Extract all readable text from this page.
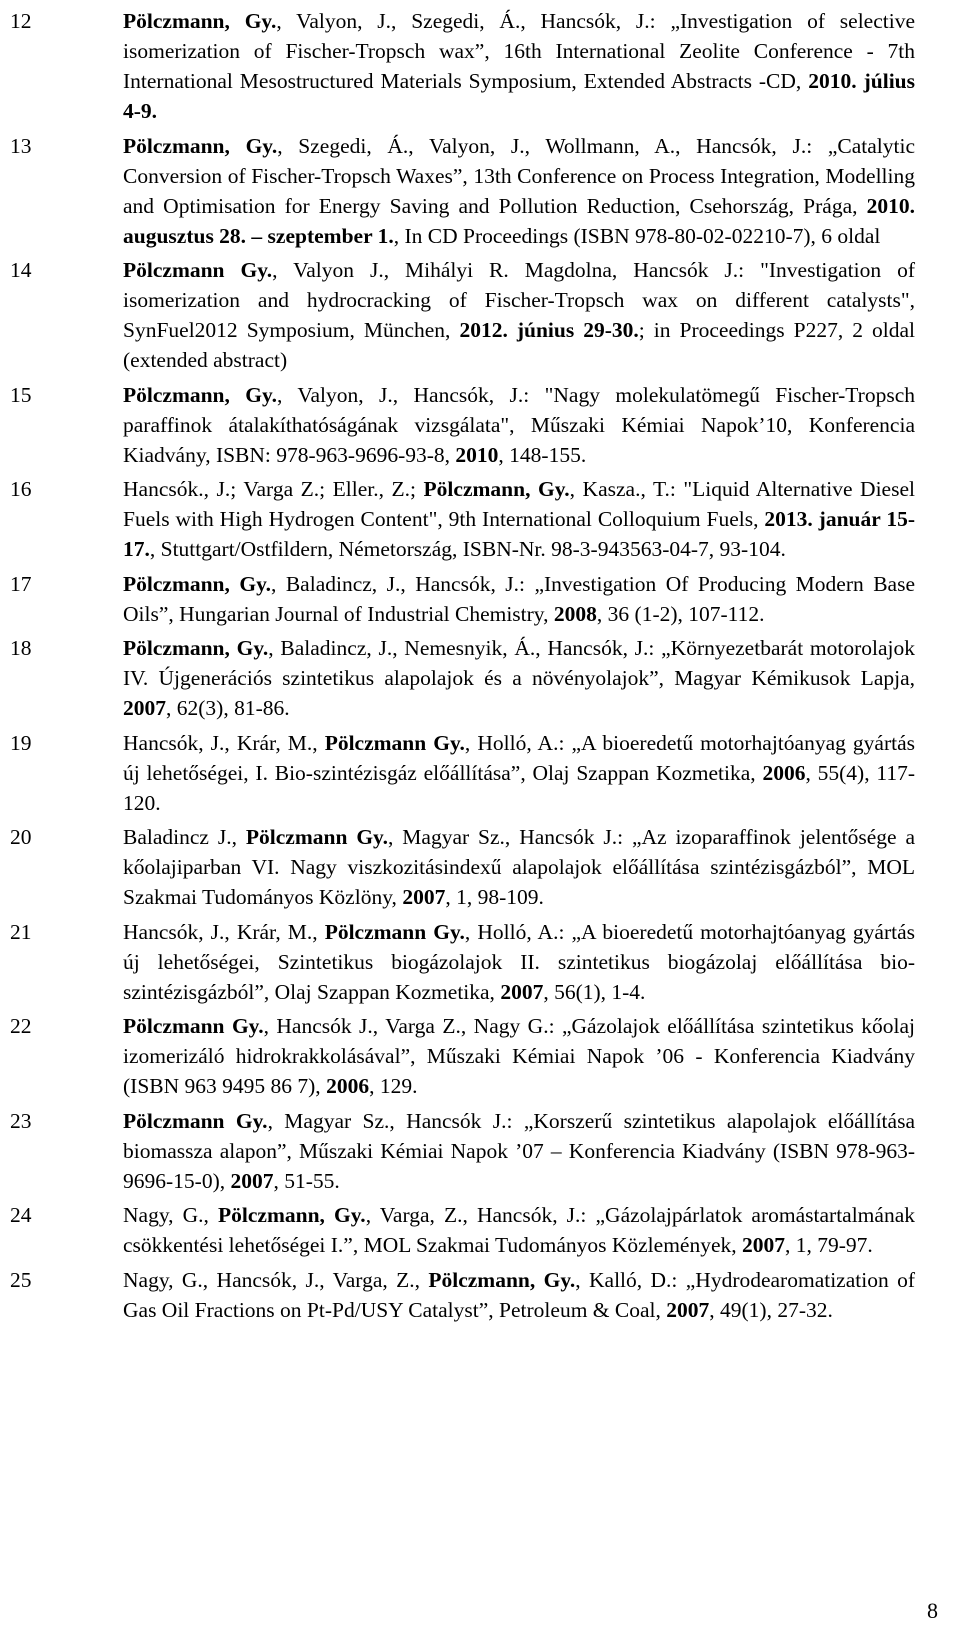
12	Pölczmann, Gy., Valyon, J., Szegedi, Á., Hancsók, J.: „Investigation of selective isomerization of Fischer-Tropsch wax”, 16th International Zeolite Conference - 7th International Mesostructured Materials Symposium, Extended Abstracts -CD, 2010. július 4-9.
13	Pölczmann, Gy., Szegedi, Á., Valyon, J., Wollmann, A., Hancsók, J.: „Catalytic Conversion of Fischer-Tropsch Waxes”, 13th Conference on Process Integration, Modelling and Optimisation for Energy Saving and Pollution Reduction, Csehország, Prága, 2010. augusztus 28. – szeptember 1., In CD Proceedings (ISBN 978-80-02-02210-7), 6 oldal
14	Pölczmann Gy., Valyon J., Mihályi R. Magdolna, Hancsók J.: "Investigation of isomerization and hydrocracking of Fischer-Tropsch wax on different catalysts", SynFuel2012 Symposium, München, 2012. június 29-30.; in Proceedings P227, 2 oldal (extended abstract)
15	Pölczmann, Gy., Valyon, J., Hancsók, J.: "Nagy molekulatömegű Fischer-Tropsch paraffinok átalakíthatóságának vizsgálata", Műszaki Kémiai Napok’10, Konferencia Kiadvány, ISBN: 978-963-9696-93-8, 2010, 148-155.
16	Hancsók., J.; Varga Z.; Eller., Z.; Pölczmann, Gy., Kasza., T.: "Liquid Alternative Diesel Fuels with High Hydrogen Content", 9th International Colloquium Fuels, 2013. január 15-17., Stuttgart/Ostfildern, Németország, ISBN-Nr. 98-3-943563-04-7, 93-104.
17	Pölczmann, Gy., Baladincz, J., Hancsók, J.: „Investigation Of Producing Modern Base Oils”, Hungarian Journal of Industrial Chemistry, 2008, 36 (1-2), 107-112.
18	Pölczmann, Gy., Baladincz, J., Nemesnyik, Á., Hancsók, J.: „Környezetbarát motorolajok IV. Újgenerációs szintetikus alapolajok és a növényolajok”, Magyar Kémikusok Lapja, 2007, 62(3), 81-86.
19	Hancsók, J., Krár, M., Pölczmann Gy., Holló, A.: „A bioeredetű motorhajtóanyag gyártás új lehetőségei, I. Bio-szintézisgáz előállítása”, Olaj Szappan Kozmetika, 2006, 55(4), 117-120.
20	Baladincz J., Pölczmann Gy., Magyar Sz., Hancsók J.: „Az izoparaffinok jelentősége a kőolajiparban VI. Nagy viszkozitásindexű alapolajok előállítása szintézisgázból”, MOL Szakmai Tudományos Közlöny, 2007, 1, 98-109.
21	Hancsók, J., Krár, M., Pölczmann Gy., Holló, A.: „A bioeredetű motorhajtóanyag gyártás új lehetőségei, Szintetikus biogázolajok II. szintetikus biogázolaj előállítása bio-szintézisgázból”, Olaj Szappan Kozmetika, 2007, 56(1), 1-4.
22	Pölczmann Gy., Hancsók J., Varga Z., Nagy G.: „Gázolajok előállítása szintetikus kőolaj izomerizáló hidrokrakkolásával”, Műszaki Kémiai Napok ’06 - Konferencia Kiadvány (ISBN 963 9495 86 7), 2006, 129.
23	Pölczmann Gy., Magyar Sz., Hancsók J.: „Korszerű szintetikus alapolajok előállítása biomassza alapon”, Műszaki Kémiai Napok ’07 – Konferencia Kiadvány (ISBN 978-963-9696-15-0), 2007, 51-55.
24	Nagy, G., Pölczmann, Gy., Varga, Z., Hancsók, J.: „Gázolajpárlatok aromástartalmának csökkentési lehetőségei I.”, MOL Szakmai Tudományos Közlemények, 2007, 1, 79-97.
25	Nagy, G., Hancsók, J., Varga, Z., Pölczmann, Gy., Kalló, D.: „Hydrodearomatization of Gas Oil Fractions on Pt-Pd/USY Catalyst”, Petroleum & Coal, 2007, 49(1), 27-32.
8
